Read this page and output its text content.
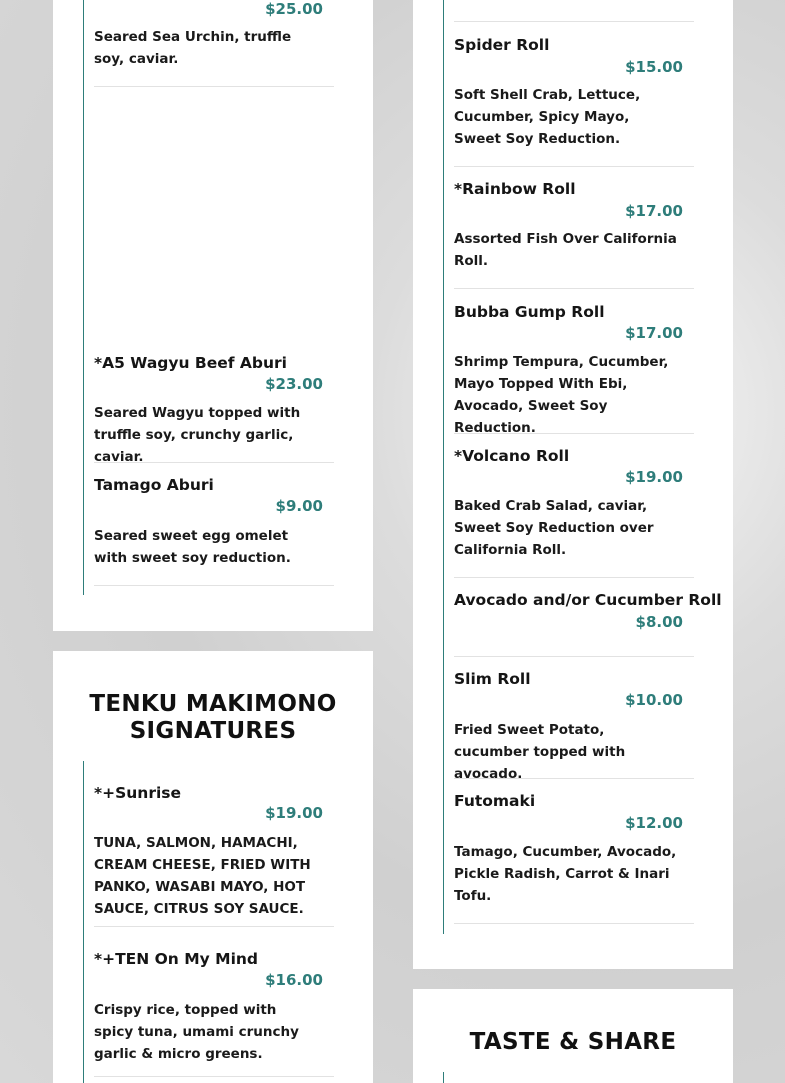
$25.00
Seared Sea Urchin, truffle soy, caviar.
*A5 Wagyu Beef Aburi
$23.00
Seared Wagyu topped with truffle soy, crunchy garlic, caviar.
Tamago Aburi
$9.00
Seared sweet egg omelet with sweet soy reduction.
TENKU MAKIMONO
SIGNATURES
*+Sunrise
$19.00
TUNA, SALMON, HAMACHI, CREAM CHEESE, FRIED WITH PANKO, WASABI MAYO, HOT SAUCE, CITRUS SOY SAUCE.
*+TEN On My Mind
$16.00
Crispy rice, topped with spicy tuna, umami crunchy garlic & micro greens.
Spider Roll
$15.00
Soft Shell Crab, Lettuce, Cucumber, Spicy Mayo, Sweet Soy Reduction.
*Rainbow Roll
$17.00
Assorted Fish Over California Roll.
Bubba Gump Roll
$17.00
Shrimp Tempura, Cucumber, Mayo Topped With Ebi, Avocado, Sweet Soy Reduction.
*Volcano Roll
$19.00
Baked Crab Salad, caviar, Sweet Soy Reduction over California Roll.
Avocado and/or Cucumber Roll
$8.00
Slim Roll
$10.00
Fried Sweet Potato, cucumber topped with avocado.
Futomaki
$12.00
Tamago, Cucumber, Avocado, Pickle Radish, Carrot & Inari Tofu.
TASTE & SHARE
